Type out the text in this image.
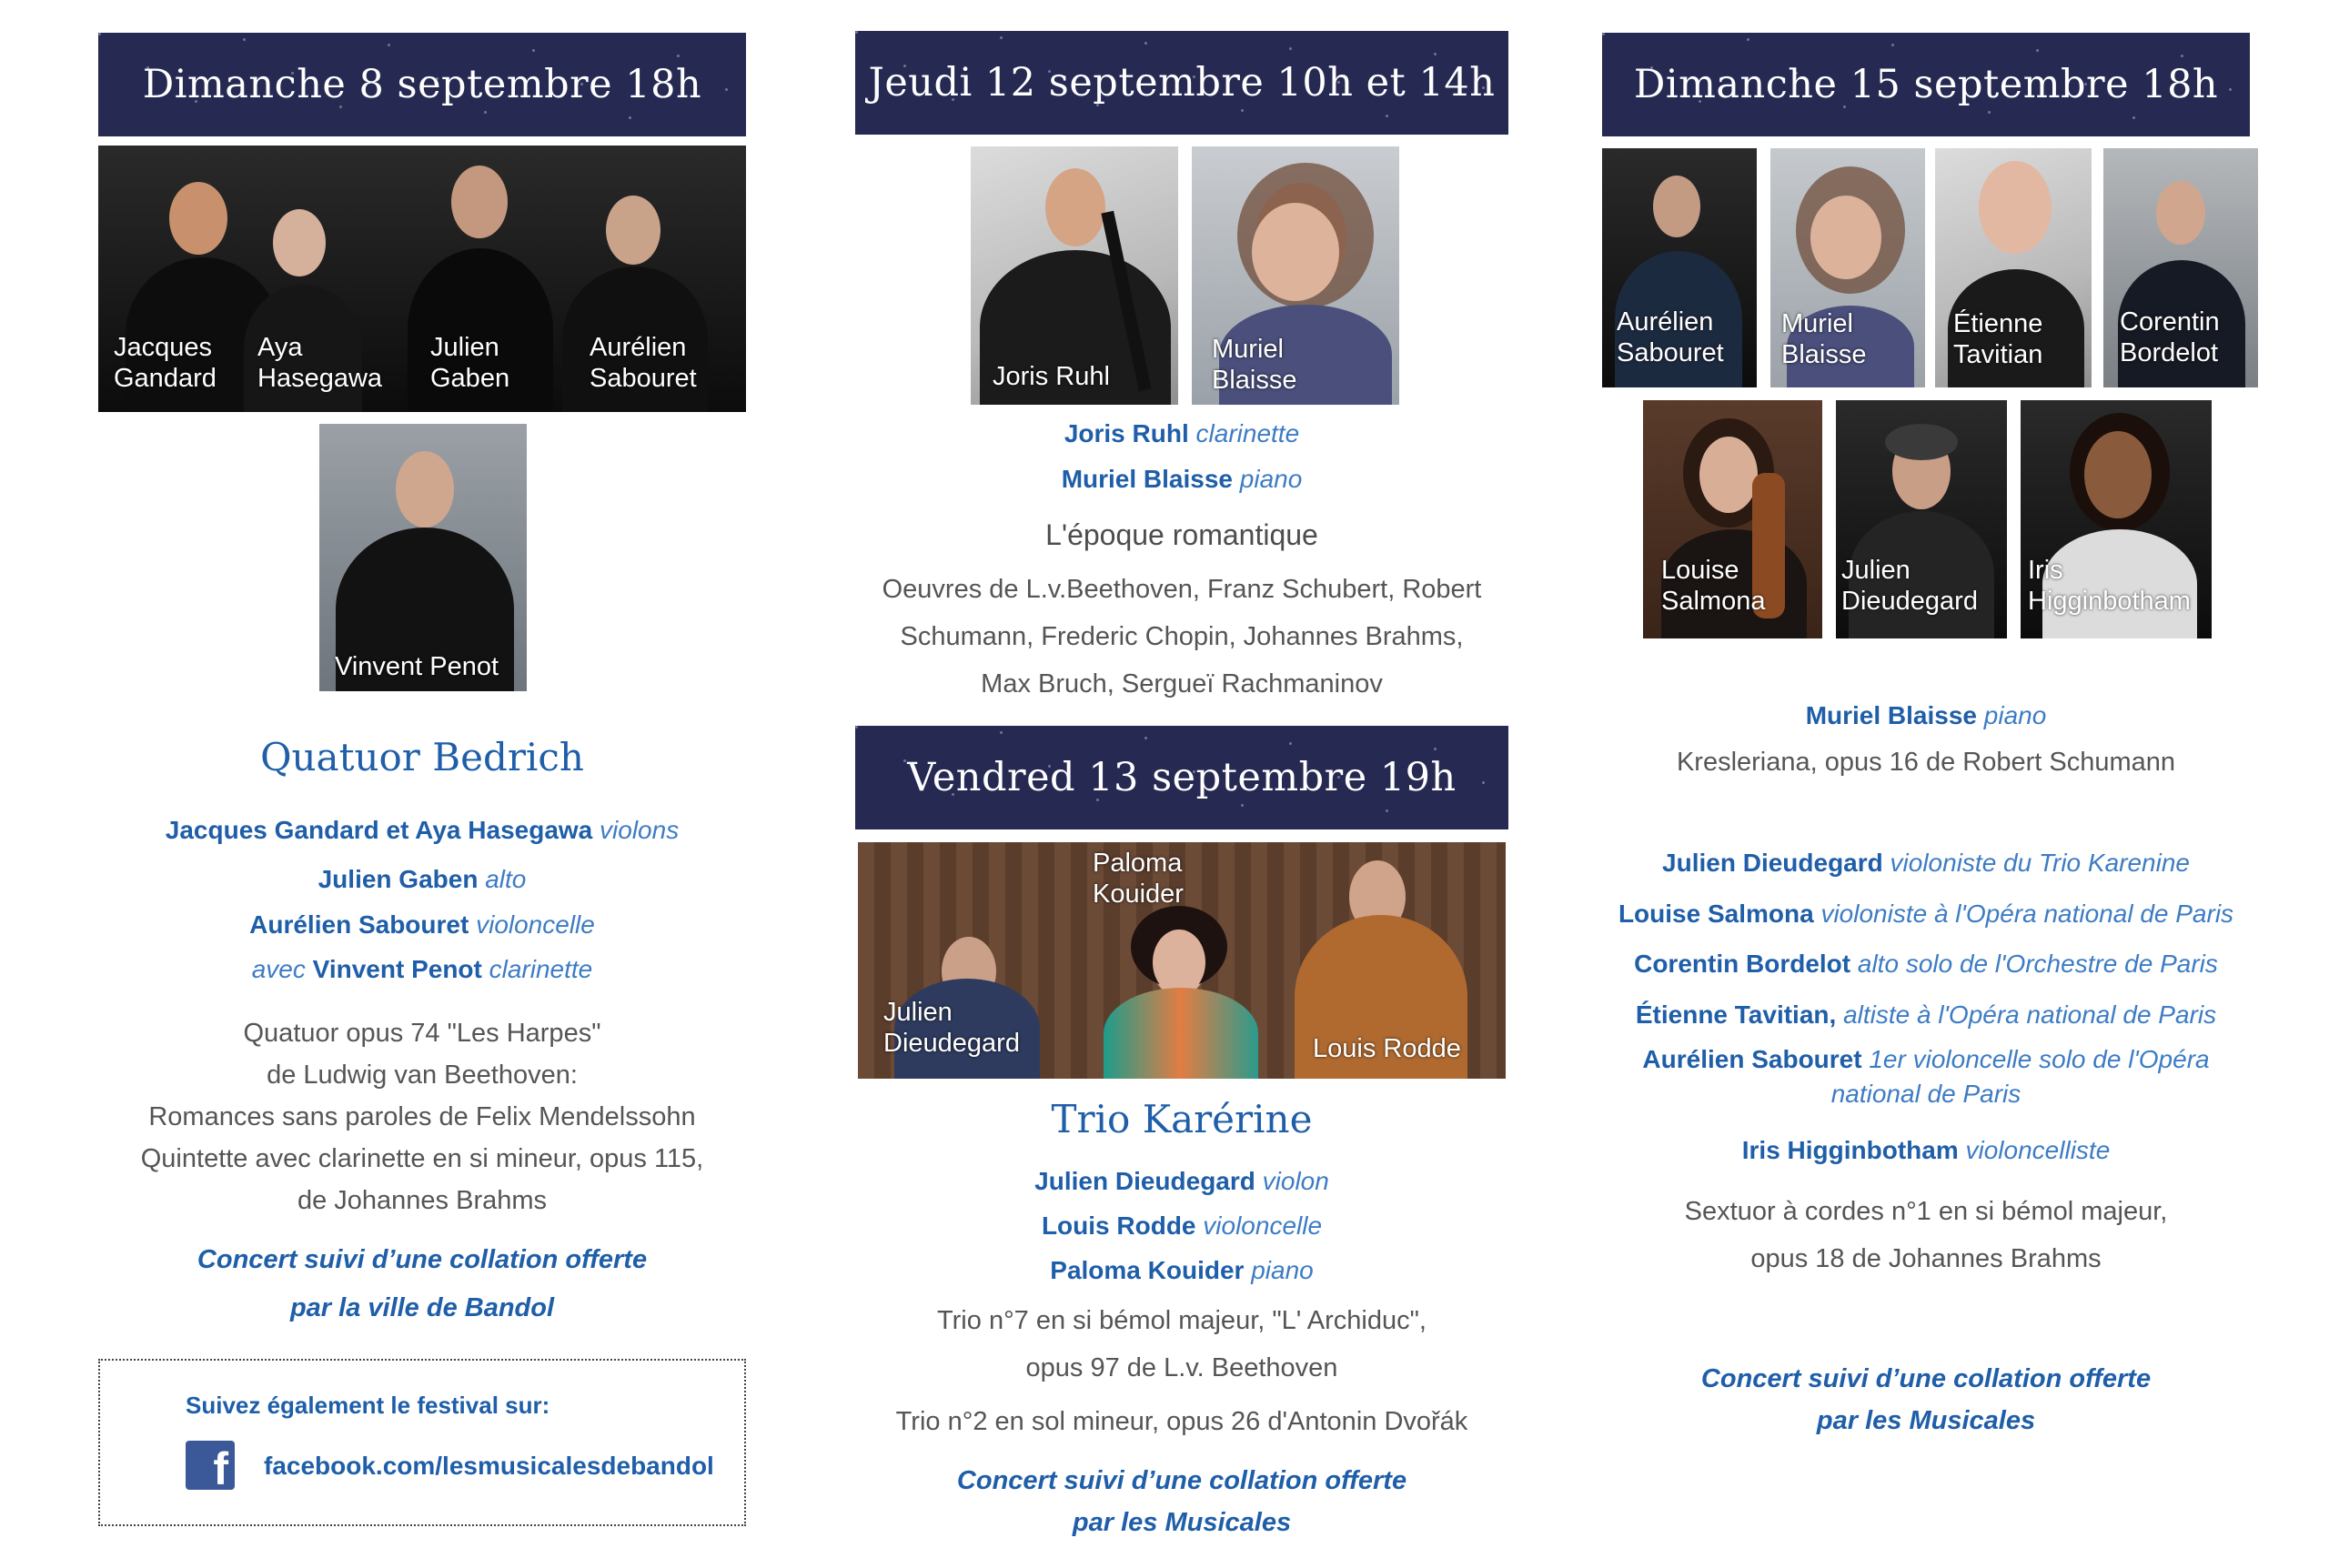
Dimanche 8 septembre 18h
Jacques
Gandard
Aya
Hasegawa
Julien
Gaben
Aurélien
Sabouret
Vinvent Penot
Quatuor Bedrich
Jacques Gandard et Aya Hasegawa violons
Julien Gaben alto
Aurélien Sabouret violoncelle
avec Vinvent Penot clarinette
Quatuor opus 74 "Les Harpes"
de Ludwig van Beethoven:
Romances sans paroles de Felix Mendelssohn
Quintette avec clarinette en si mineur, opus 115,
de Johannes Brahms
Concert suivi d’une collation offerte
par la ville de Bandol
Suivez également le festival sur:
f facebook.com/lesmusicalesdebandol
Jeudi 12 septembre 10h et 14h
Joris Ruhl
Muriel
Blaisse
Joris Ruhl clarinette
Muriel Blaisse piano
L'époque romantique
Oeuvres de L.v.Beethoven, Franz Schubert, Robert
Schumann, Frederic Chopin, Johannes Brahms,
Max Bruch, Sergueï Rachmaninov
Vendred 13 septembre 19h
Julien
Dieudegard
Paloma
Kouider
Louis Rodde
Trio Karérine
Julien Dieudegard violon
Louis Rodde violoncelle
Paloma Kouider piano
Trio n°7 en si bémol majeur, "L' Archiduc",
opus 97 de L.v. Beethoven
Trio n°2 en sol mineur, opus 26 d'Antonin Dvořák
Concert suivi d’une collation offerte
par les Musicales
Dimanche 15 septembre 18h
Aurélien
Sabouret
Muriel
Blaisse
Étienne
Tavitian
Corentin
Bordelot
Louise
Salmona
Julien
Dieudegard
Iris
Higginbotham
Muriel Blaisse piano
Kresleriana, opus 16 de Robert Schumann
Julien Dieudegard violoniste du Trio Karenine
Louise Salmona violoniste à l'Opéra national de Paris
Corentin Bordelot alto solo de l'Orchestre de Paris
Étienne Tavitian, altiste à l'Opéra national de Paris
Aurélien Sabouret 1er violoncelle solo de l'Opéra
national de Paris
Iris Higginbotham violoncelliste
Sextuor à cordes n°1 en si bémol majeur,
opus 18 de Johannes Brahms
Concert suivi d’une collation offerte
par les Musicales
